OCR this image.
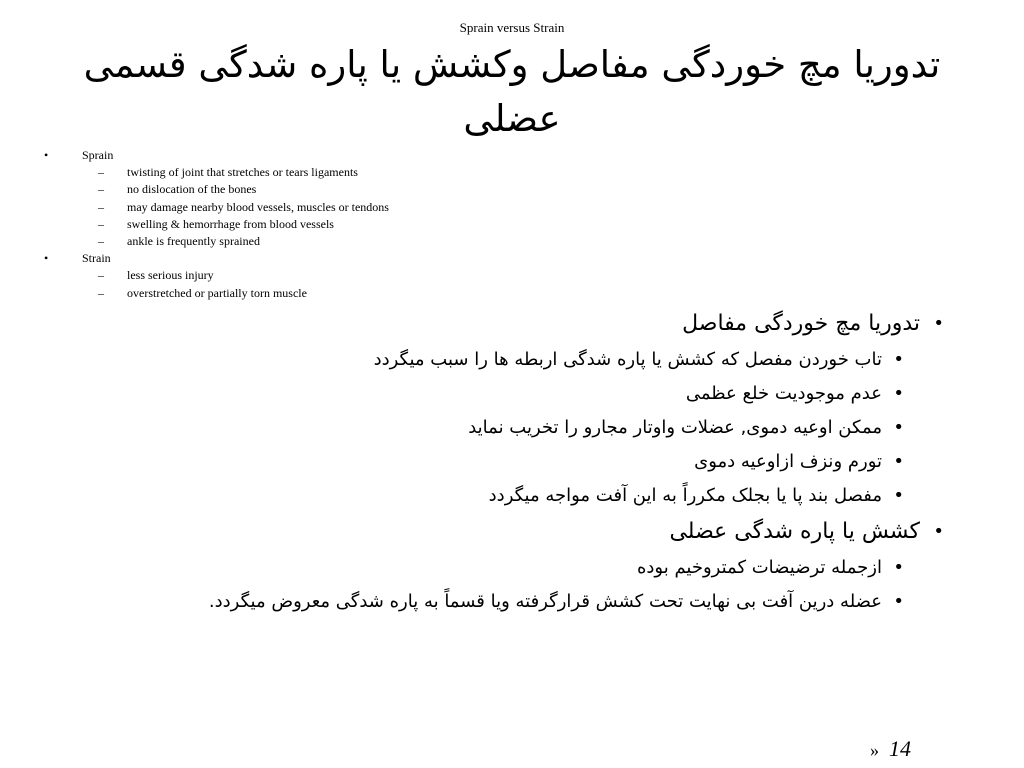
Sprain versus Strain
تدوریا مچ خوردگی مفاصل وکشش یا پاره شدگی قسمی عضلی
•	Sprain
– twisting of joint that stretches or tears ligaments
– no dislocation of the bones
– may damage nearby blood vessels, muscles or tendons
– swelling & hemorrhage from blood vessels
– ankle is frequently sprained
•	Strain
– less serious injury
– overstretched or partially torn muscle
•
تدوریا مچ خوردگی مفاصل
•
تاب خوردن مفصل که کشش یا پاره شدگی اربطه ها را سبب میگردد
•
عدم موجودیت خلع عظمی
•
ممکن اوعیه دموی, عضلات واوتار مجارو را تخریب نماید
•
تورم ونزف ازاوعیه دموی
•
مفصل بند پا یا بجلک مکرراً به این آفت مواجه میگردد
•
کشش یا پاره شدگی عضلی
•
ازجمله ترضیضات کمتروخیم بوده
•
عضله درین آفت بی نهایت تحت کشش قرارگرفته ویا قسماً به پاره شدگی معروض میگردد.
» 14
